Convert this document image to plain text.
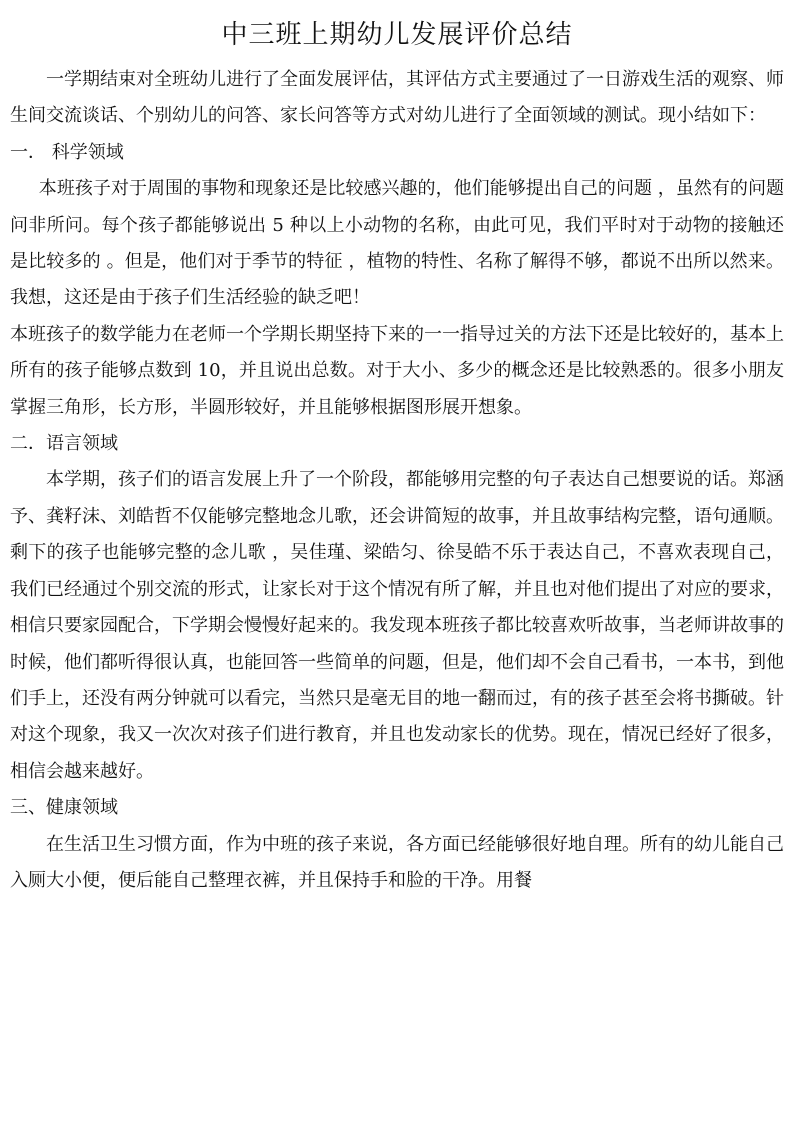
中三班上期幼儿发展评价总结

一学期结束对全班幼儿进行了全面发展评估，其评估方式主要通过了一日游戏生活的观察、师生间交流谈话、个别幼儿的问答、家长问答等方式对幼儿进行了全面领域的测试。现小结如下：

一． 科学领域

本班孩子对于周围的事物和现象还是比较感兴趣的，他们能够提出自己的问题 ，虽然有的问题问非所问。每个孩子都能够说出 5 种以上小动物的名称，由此可见，我们平时对于动物的接触还是比较多的 。但是，他们对于季节的特征 ，植物的特性、名称了解得不够，都说不出所以然来。我想，这还是由于孩子们生活经验的缺乏吧！

本班孩子的数学能力在老师一个学期长期坚持下来的一一指导过关的方法下还是比较好的，基本上所有的孩子能够点数到 10，并且说出总数。对于大小、多少的概念还是比较熟悉的。很多小朋友掌握三角形，长方形，半圆形较好，并且能够根据图形展开想象。

二．语言领域

本学期，孩子们的语言发展上升了一个阶段，都能够用完整的句子表达自己想要说的话。郑涵予、龚籽沫、刘皓哲不仅能够完整地念儿歌，还会讲简短的故事，并且故事结构完整，语句通顺。剩下的孩子也能够完整的念儿歌 ，吴佳瑾、梁皓匀、徐旻皓不乐于表达自己，不喜欢表现自己，我们已经通过个别交流的形式，让家长对于这个情况有所了解，并且也对他们提出了对应的要求，相信只要家园配合，下学期会慢慢好起来的。我发现本班孩子都比较喜欢听故事，当老师讲故事的时候，他们都听得很认真，也能回答一些简单的问题，但是，他们却不会自己看书，一本书，到他们手上，还没有两分钟就可以看完，当然只是毫无目的地一翻而过，有的孩子甚至会将书撕破。针对这个现象，我又一次次对孩子们进行教育，并且也发动家长的优势。现在，情况已经好了很多，相信会越来越好。

三、健康领域

在生活卫生习惯方面，作为中班的孩子来说，各方面已经能够很好地自理。所有的幼儿能自己入厕大小便，便后能自己整理衣裤，并且保持手和脸的干净。用餐
